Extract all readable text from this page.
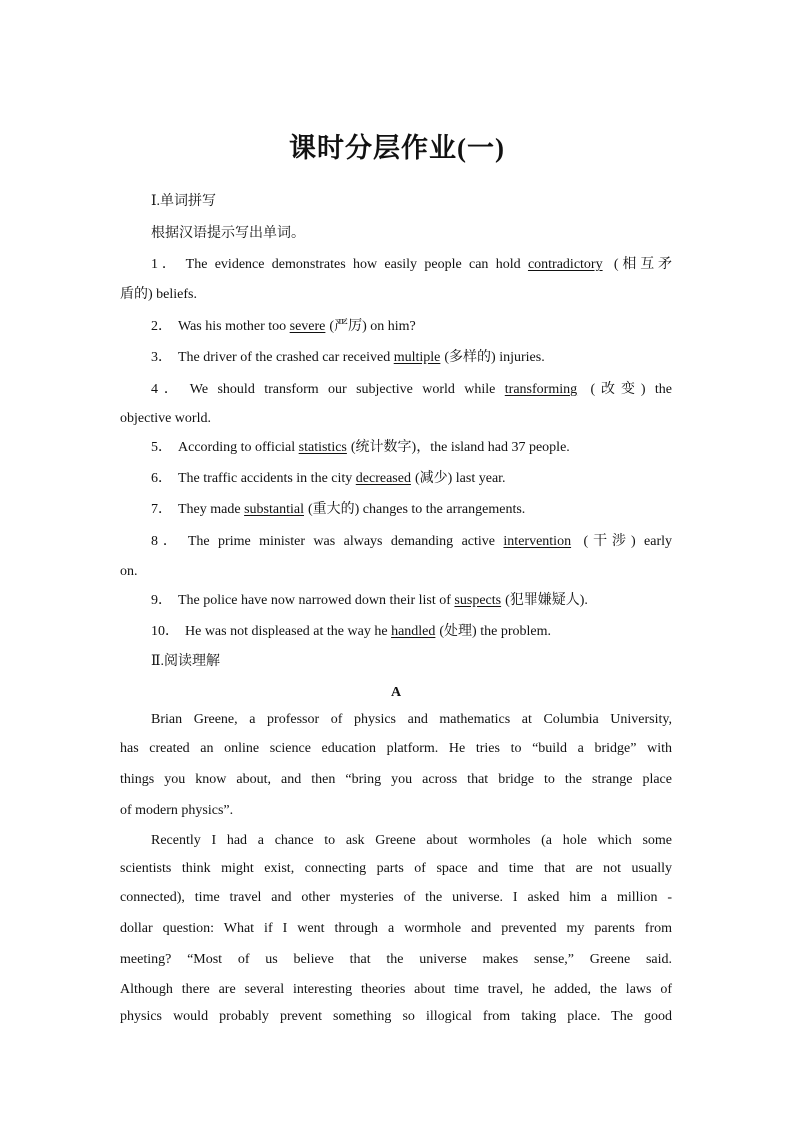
课时分层作业(一)
Ⅰ.单词拼写
根据汉语提示写出单词。
1． The evidence demonstrates how easily people can hold contradictory (相互矛
盾的) beliefs.
2． Was his mother too severe (严厉) on him?
3． The driver of the crashed car received multiple (多样的) injuries.
4． We should transform our subjective world while transforming (改变) the
objective world.
5． According to official statistics (统计数字)，the island had 37 people.
6． The traffic accidents in the city decreased (减少) last year.
7． They made substantial (重大的) changes to the arrangements.
8． The prime minister was always demanding active intervention (干涉) early
on.
9． The police have now narrowed down their list of suspects (犯罪嫌疑人).
10． He was not displeased at the way he handled (处理) the problem.
Ⅱ.阅读理解
A
Brian Greene, a professor of physics and mathematics at Columbia University,
has created an online science education platform. He tries to “build a bridge” with
things you know about, and then “bring you across that bridge to the strange place
of modern physics”.
Recently I had a chance to ask Greene about wormholes (a hole which some
scientists think might exist, connecting parts of space and time that are not usually
connected), time travel and other mysteries of the universe. I asked him a million -
dollar question: What if I went through a wormhole and prevented my parents from
meeting? “Most of us believe that the universe makes sense,” Greene said.
Although there are several interesting theories about time travel, he added, the laws of
physics would probably prevent something so illogical from taking place. The good
